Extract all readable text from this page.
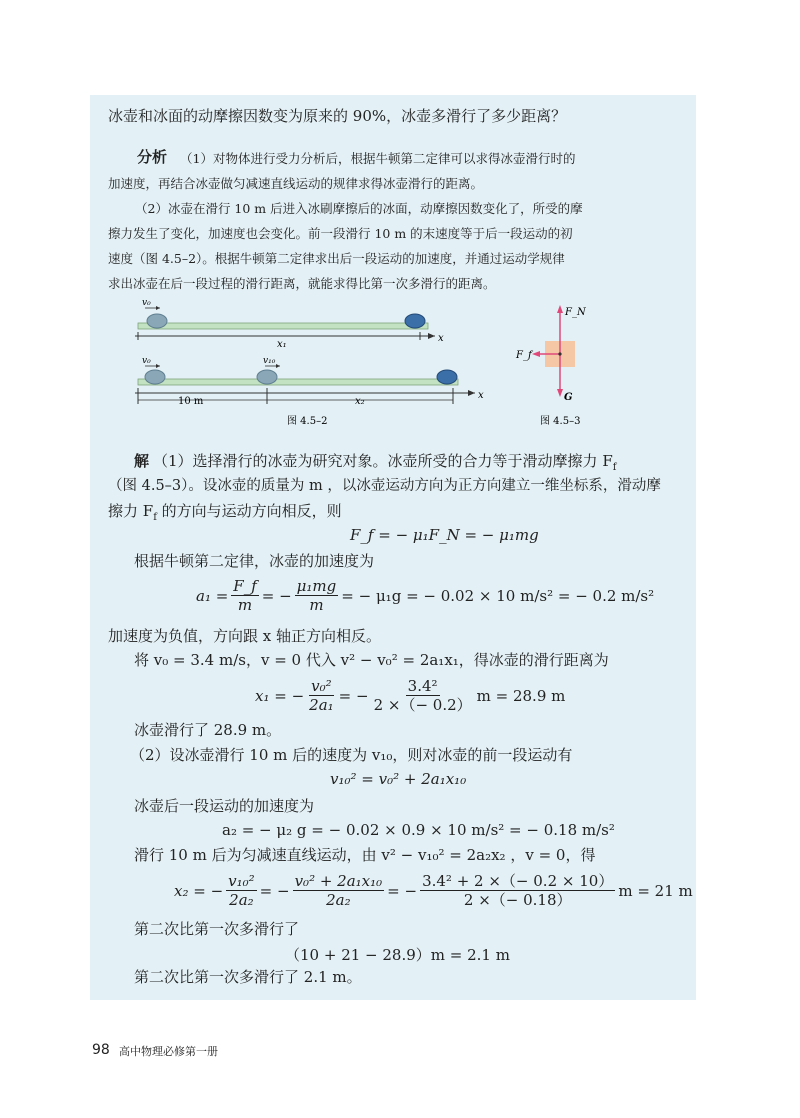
冰壶和冰面的动摩擦因数变为原来的 90%，冰壶多滑行了多少距离？
分析 （1）对物体进行受力分析后，根据牛顿第二定律可以求得冰壶滑行时的
加速度，再结合冰壶做匀减速直线运动的规律求得冰壶滑行的距离。
（2）冰壶在滑行 10 m 后进入冰刷摩擦后的冰面，动摩擦因数变化了，所受的摩
擦力发生了变化，加速度也会变化。前一段滑行 10 m 的末速度等于后一段运动的初
速度（图 4.5–2）。根据牛顿第二定律求出后一段运动的加速度，并通过运动学规律
求出冰壶在后一段过程的滑行距离，就能求得比第一次多滑行的距离。
x₁
x
v₀
10 m	x₂
x
v₀	v₁₀
图 4.5–2
F_N
F_f
G
图 4.5–3
解 （1）选择滑行的冰壶为研究对象。冰壶所受的合力等于滑动摩擦力 $F_f$
（图 4.5–3）。设冰壶的质量为 m ，以冰壶运动方向为正方向建立一维坐标系，滑动摩
擦力 $F_f$ 的方向与运动方向相反，则
F_f = − μ₁F_N = − μ₁mg
根据牛顿第二定律，冰壶的加速度为
$a_1 = \frac{F\_f}{m}$ = − $\frac{\text{μ₁mg}}{m}$ = − μ₁g = − 0.02 × 10 m/s² = − 0.2 m/s²
加速度为负值，方向跟 x 轴正方向相反。
将 v₀ = 3.4 m/s，v = 0 代入 v² − v₀² = 2a₁x₁，得冰壶的滑行距离为
x₁ = − $\frac{\text{v₀²}}{\text{2a₁}}$ = − $\frac{\text{3.4²}}{2 \times(- 0.2)}$ m = 28.9 m
冰壶滑行了 28.9 m。
（2）设冰壶滑行 10 m 后的速度为 v₁₀，则对冰壶的前一段运动有
v₁₀² = v₀² + 2a₁x₁₀
冰壶后一段运动的加速度为
a₂ = − μ₂ g = − 0.02 × 0.9 × 10 m/s² = − 0.18 m/s²
滑行 10 m 后为匀减速直线运动，由 v² − v₁₀² = 2a₂x₂ ，v = 0，得
x₂ = − $\frac{\text{v₁₀²}}{\text{2a₂}}$ = − $\frac{\text{v₀² + 2a₁x₁₀}}{\text{2a₂}}$ = − $\frac{\text{3.4² + 2 ×（− 0.2 × 10）}}{2 \times(- 0.18)}$ m = 21 m
第二次比第一次多滑行了
（10 + 21 − 28.9）m = 2.1 m
第二次比第一次多滑行了 2.1 m。
98 高中物理必修第一册
